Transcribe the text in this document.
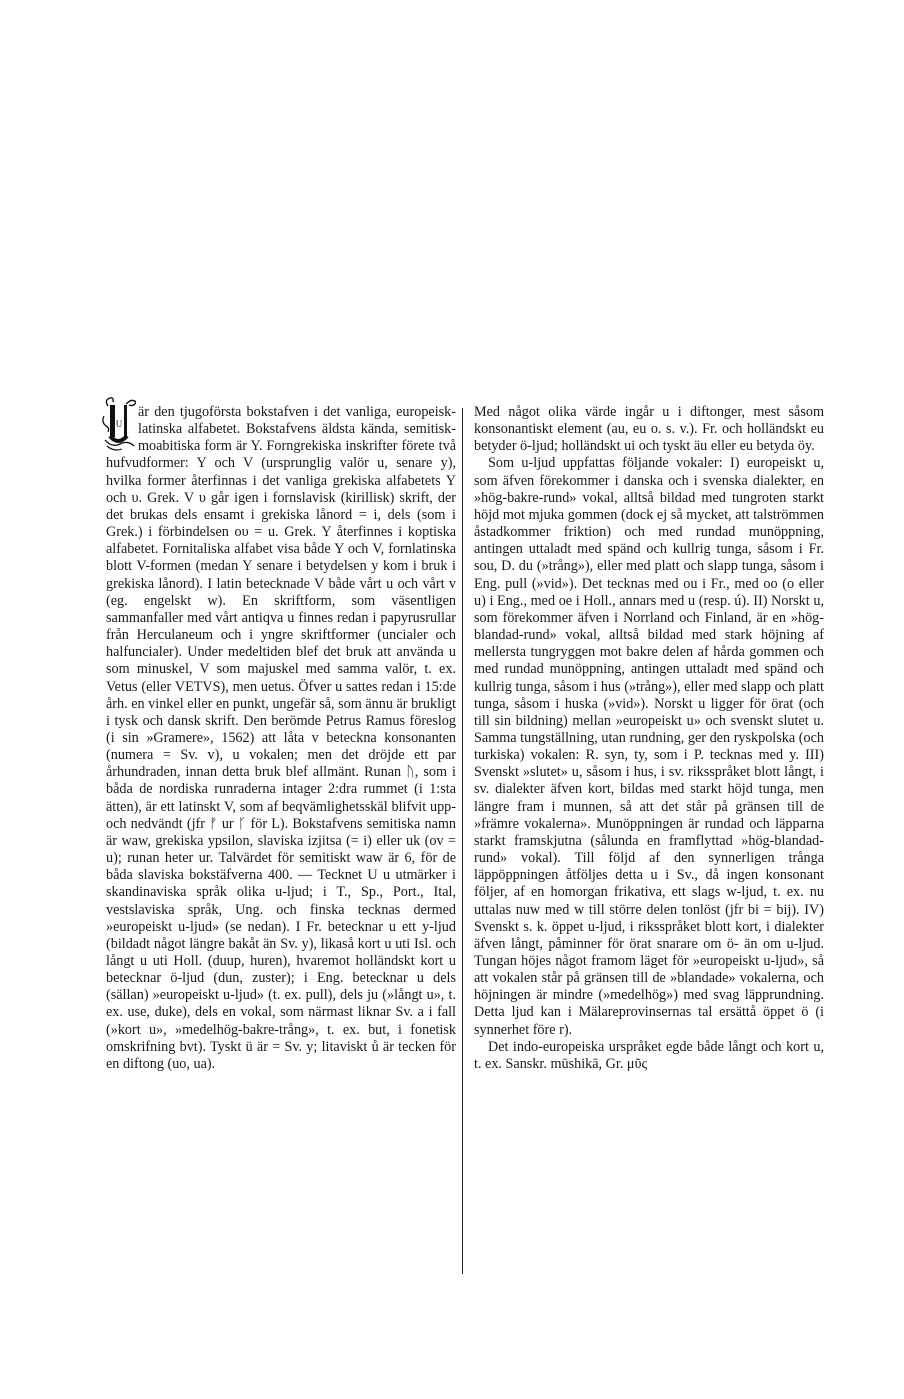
U

är den tjugoförsta bokstafven i det vanliga, europeisk-latinska alfabetet. Bokstafvens äldsta kända, semitisk-moabitiska form är Y. Forngrekiska inskrifter förete två hufvudformer: Y och V (ursprunglig valör u, senare y), hvilka former återfinnas i det vanliga grekiska alfabetets Y och υ. Grek. V υ går igen i fornslavisk (kirillisk) skrift, der det brukas dels ensamt i grekiska lånord = i, dels (som i Grek.) i förbindelsen ου = u. Grek. Y återfinnes i koptiska alfabetet. Fornitaliska alfabet visa både Y och V, fornlatinska blott V-formen (medan Y senare i betydelsen y kom i bruk i grekiska lånord). I latin betecknade V både vårt u och vårt v (eg. engelskt w). En skriftform, som väsentligen sammanfaller med vårt antiqva u finnes redan i papyrusrullar från Herculaneum och i yngre skriftformer (uncialer och halfuncialer). Under medeltiden blef det bruk att använda u som minuskel, V som majuskel med samma valör, t. ex. Vetus (eller VETVS), men uetus. Öfver u sattes redan i 15:de årh. en vinkel eller en punkt, ungefär så, som ännu är brukligt i tysk och dansk skrift. Den berömde Petrus Ramus föreslog (i sin »Gramere», 1562) att låta v beteckna konsonanten (numera = Sv. v), u vokalen; men det dröjde ett par århundraden, innan detta bruk blef allmänt. Runan ᚢ, som i båda de nordiska runraderna intager 2:dra rummet (i 1:sta ätten), är ett latinskt V, som af beqvämlighetsskäl blifvit upp- och nedvändt (jfr ᚠ ur ᚴ för L). Bokstafvens semitiska namn är waw, grekiska ypsilon, slaviska izjitsa (= i) eller uk (ov = u); runan heter ur. Talvärdet för semitiskt waw är 6, för de båda slaviska bokstäfverna 400. — Tecknet U u utmärker i skandinaviska språk olika u-ljud; i T., Sp., Port., Ital, vestslaviska språk, Ung. och finska tecknas dermed »europeiskt u-ljud» (se nedan). I Fr. betecknar u ett y-ljud (bildadt något längre bakåt än Sv. y), likaså kort u uti Isl. och långt u uti Holl. (duup, huren), hvaremot holländskt kort u betecknar ö-ljud (dun, zuster); i Eng. betecknar u dels (sällan) »europeiskt u-ljud» (t. ex. pull), dels ju (»långt u», t. ex. use, duke), dels en vokal, som närmast liknar Sv. a i fall (»kort u», »medelhög-bakre-trång», t. ex. but, i fonetisk omskrifning bvt). Tyskt ü är = Sv. y; litaviskt ů är tecken för en diftong (uo, ua).

Med något olika värde ingår u i diftonger, mest såsom konsonantiskt element (au, eu o. s. v.). Fr. och holländskt eu betyder ö-ljud; holländskt ui och tyskt äu eller eu betyda öy.

Som u-ljud uppfattas följande vokaler: I) europeiskt u, som äfven förekommer i danska och i svenska dialekter, en »hög-bakre-rund» vokal, alltså bildad med tungroten starkt höjd mot mjuka gommen (dock ej så mycket, att talströmmen åstadkommer friktion) och med rundad munöppning, antingen uttaladt med spänd och kullrig tunga, såsom i Fr. sou, D. du (»trång»), eller med platt och slapp tunga, såsom i Eng. pull (»vid»). Det tecknas med ou i Fr., med oo (o eller u) i Eng., med oe i Holl., annars med u (resp. ú). II) Norskt u, som förekommer äfven i Norrland och Finland, är en »hög-blandad-rund» vokal, alltså bildad med stark höjning af mellersta tungryggen mot bakre delen af hårda gommen och med rundad munöppning, antingen uttaladt med spänd och kullrig tunga, såsom i hus (»trång»), eller med slapp och platt tunga, såsom i huska (»vid»). Norskt u ligger för örat (och till sin bildning) mellan »europeiskt u» och svenskt slutet u. Samma tungställning, utan rundning, ger den ryskpolska (och turkiska) vokalen: R. syn, ty, som i P. tecknas med y. III) Svenskt »slutet» u, såsom i hus, i sv. riksspråket blott långt, i sv. dialekter äfven kort, bildas med starkt höjd tunga, men längre fram i munnen, så att det står på gränsen till de »främre vokalerna». Munöppningen är rundad och läpparna starkt framskjutna (sålunda en framflyttad »hög-blandad-rund» vokal). Till följd af den synnerligen trånga läppöppningen åtföljes detta u i Sv., då ingen konsonant följer, af en homorgan frikativa, ett slags w-ljud, t. ex. nu uttalas nuw med w till större delen tonlöst (jfr bi = bij). IV) Svenskt s. k. öppet u-ljud, i riksspråket blott kort, i dialekter äfven långt, påminner för örat snarare om ö- än om u-ljud. Tungan höjes något framom läget för »europeiskt u-ljud», så att vokalen står på gränsen till de »blandade» vokalerna, och höjningen är mindre (»medelhög») med svag läpprundning. Detta ljud kan i Mälareprovinsernas tal ersättå öppet ö (i synnerhet före r).

Det indo-europeiska urspråket egde både långt och kort u, t. ex. Sanskr. mūshikā, Gr. μῦς
